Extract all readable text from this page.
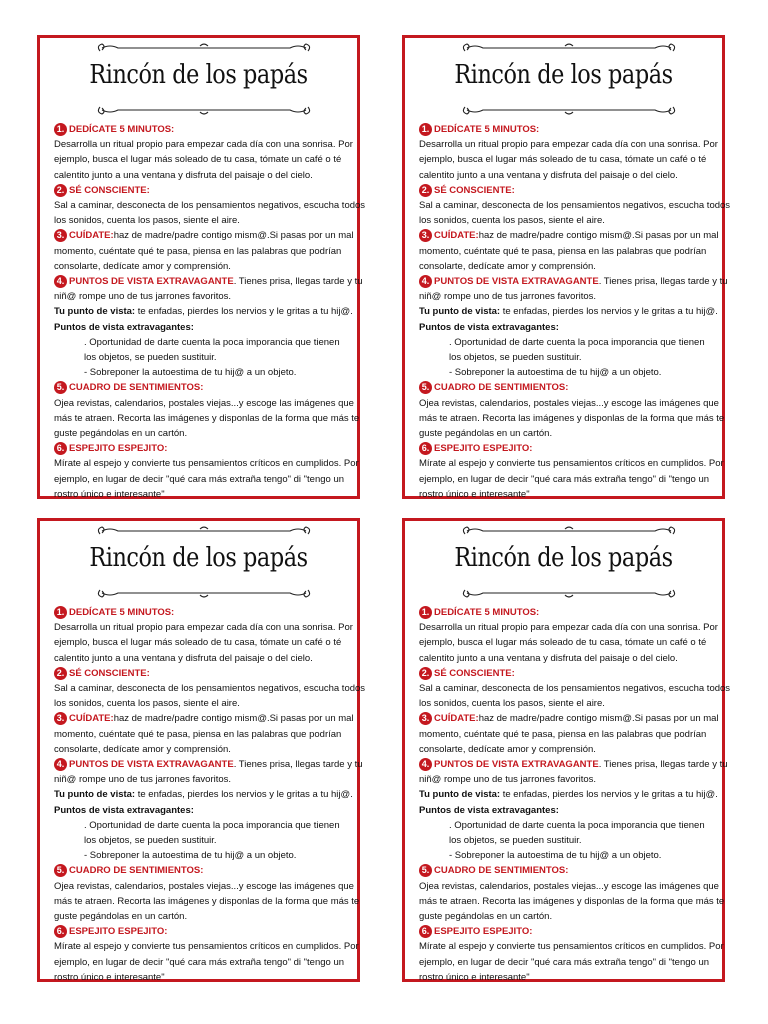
Rincón de los papás
1. DEDÍCATE 5 MINUTOS:
Desarrolla un ritual propio para empezar cada día con una sonrisa. Por
ejemplo, busca el lugar más soleado de tu casa, tómate un café o té
calentito junto a una ventana y disfruta del paisaje o del cielo.
2. SÉ CONSCIENTE:
Sal a caminar, desconecta de los pensamientos negativos, escucha todos
los sonidos, cuenta los pasos, siente el aire.
3. CUÍDATE: haz de madre/padre contigo mism@.Si pasas por un mal
momento, cuéntate qué te pasa, piensa en las palabras que podrían
consolarte, dedícate amor y comprensión.
4. PUNTOS DE VISTA EXTRAVAGANTE . Tienes prisa, llegas tarde y tu
niñ@ rompe uno de tus jarrones favoritos.
Tu punto de vista: te enfadas, pierdes los nervios y le gritas a tu hij@.
Puntos de vista extravagantes:
. Oportunidad de darte cuenta la poca imporancia que tienen
los objetos, se pueden sustituir.
- Sobreponer la autoestima de tu hij@ a un objeto.
5. CUADRO DE SENTIMIENTOS:
Ojea revistas, calendarios, postales viejas...y escoge las imágenes que
más te atraen. Recorta las imágenes y disponlas de la forma que más te
guste pegándolas en un cartón.
6. ESPEJITO ESPEJITO:
Mírate al espejo y convierte tus pensamientos críticos en cumplidos. Por
ejemplo, en lugar de decir "qué cara más extraña tengo" di "tengo un
rostro único e interesante"
Rincón de los papás
1. DEDÍCATE 5 MINUTOS:
Desarrolla un ritual propio para empezar cada día con una sonrisa. Por
ejemplo, busca el lugar más soleado de tu casa, tómate un café o té
calentito junto a una ventana y disfruta del paisaje o del cielo.
2. SÉ CONSCIENTE:
Sal a caminar, desconecta de los pensamientos negativos, escucha todos
los sonidos, cuenta los pasos, siente el aire.
3. CUÍDATE: haz de madre/padre contigo mism@.Si pasas por un mal
momento, cuéntate qué te pasa, piensa en las palabras que podrían
consolarte, dedícate amor y comprensión.
4. PUNTOS DE VISTA EXTRAVAGANTE . Tienes prisa, llegas tarde y tu
niñ@ rompe uno de tus jarrones favoritos.
Tu punto de vista: te enfadas, pierdes los nervios y le gritas a tu hij@.
Puntos de vista extravagantes:
. Oportunidad de darte cuenta la poca imporancia que tienen
los objetos, se pueden sustituir.
- Sobreponer la autoestima de tu hij@ a un objeto.
5. CUADRO DE SENTIMIENTOS:
Ojea revistas, calendarios, postales viejas...y escoge las imágenes que
más te atraen. Recorta las imágenes y disponlas de la forma que más te
guste pegándolas en un cartón.
6. ESPEJITO ESPEJITO:
Mírate al espejo y convierte tus pensamientos críticos en cumplidos. Por
ejemplo, en lugar de decir "qué cara más extraña tengo" di "tengo un
rostro único e interesante"
Rincón de los papás
1. DEDÍCATE 5 MINUTOS:
Desarrolla un ritual propio para empezar cada día con una sonrisa. Por
ejemplo, busca el lugar más soleado de tu casa, tómate un café o té
calentito junto a una ventana y disfruta del paisaje o del cielo.
2. SÉ CONSCIENTE:
Sal a caminar, desconecta de los pensamientos negativos, escucha todos
los sonidos, cuenta los pasos, siente el aire.
3. CUÍDATE: haz de madre/padre contigo mism@.Si pasas por un mal
momento, cuéntate qué te pasa, piensa en las palabras que podrían
consolarte, dedícate amor y comprensión.
4. PUNTOS DE VISTA EXTRAVAGANTE . Tienes prisa, llegas tarde y tu
niñ@ rompe uno de tus jarrones favoritos.
Tu punto de vista: te enfadas, pierdes los nervios y le gritas a tu hij@.
Puntos de vista extravagantes:
. Oportunidad de darte cuenta la poca imporancia que tienen
los objetos, se pueden sustituir.
- Sobreponer la autoestima de tu hij@ a un objeto.
5. CUADRO DE SENTIMIENTOS:
Ojea revistas, calendarios, postales viejas...y escoge las imágenes que
más te atraen. Recorta las imágenes y disponlas de la forma que más te
guste pegándolas en un cartón.
6. ESPEJITO ESPEJITO:
Mírate al espejo y convierte tus pensamientos críticos en cumplidos. Por
ejemplo, en lugar de decir "qué cara más extraña tengo" di "tengo un
rostro único e interesante"
Rincón de los papás
1. DEDÍCATE 5 MINUTOS:
Desarrolla un ritual propio para empezar cada día con una sonrisa. Por
ejemplo, busca el lugar más soleado de tu casa, tómate un café o té
calentito junto a una ventana y disfruta del paisaje o del cielo.
2. SÉ CONSCIENTE:
Sal a caminar, desconecta de los pensamientos negativos, escucha todos
los sonidos, cuenta los pasos, siente el aire.
3. CUÍDATE: haz de madre/padre contigo mism@.Si pasas por un mal
momento, cuéntate qué te pasa, piensa en las palabras que podrían
consolarte, dedícate amor y comprensión.
4. PUNTOS DE VISTA EXTRAVAGANTE . Tienes prisa, llegas tarde y tu
niñ@ rompe uno de tus jarrones favoritos.
Tu punto de vista: te enfadas, pierdes los nervios y le gritas a tu hij@.
Puntos de vista extravagantes:
. Oportunidad de darte cuenta la poca imporancia que tienen
los objetos, se pueden sustituir.
- Sobreponer la autoestima de tu hij@ a un objeto.
5. CUADRO DE SENTIMIENTOS:
Ojea revistas, calendarios, postales viejas...y escoge las imágenes que
más te atraen. Recorta las imágenes y disponlas de la forma que más te
guste pegándolas en un cartón.
6. ESPEJITO ESPEJITO:
Mírate al espejo y convierte tus pensamientos críticos en cumplidos. Por
ejemplo, en lugar de decir "qué cara más extraña tengo" di "tengo un
rostro único e interesante"
